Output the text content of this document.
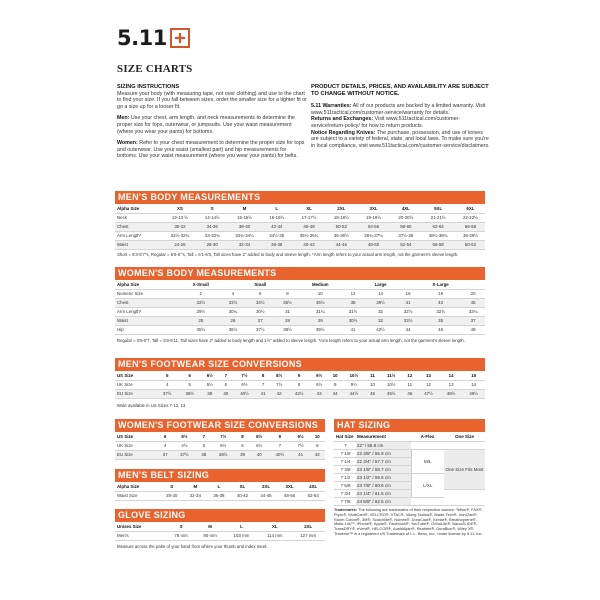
5.11
SIZE CHARTS
SIZING INSTRUCTIONS
Measure your body (with measuring tape, not over clothing) and use to the chart to find your size. If you fall between sizes, order the smaller size for a tighter fit or go a size up for a looser fit.
Men: Use your chest, arm length, and neck measurements to determine the proper size for tops, outerwear, or jumpsuits. Use your waist measurement (where you wear your pants) for bottoms.
Women: Refer to your chest measurement to determine the proper size for tops and outerwear. Use your waist (smallest part) and hip measurements for bottoms. Use your waist measurement (where you wear your pants) for belts.
PRODUCT DETAILS, PRICES, AND AVAILABILITY ARE SUBJECT TO CHANGE WITHOUT NOTICE.
5.11 Warranties: All of our products are backed by a limited warranty. Visit www.511tactical.com/customer-service/warranty for details.
Returns and Exchanges: Visit www.511tactical.com/customer-service/return-policy/ for how to return products.
Notice Regarding Knives: The purchase, possession, and use of knives are subject to a variety of federal, state, and local laws. To make sure you're in local compliance, visit www.511tactical.com/customer-service/disclaimers.
MEN'S BODY MEASUREMENTS
Alpha Size	XS	S	M	L	XL	2XL	3XL	4XL	5XL	6XL
Neck	13-13 ½	14-14½	15-15½	16-16½	17-17½	18-18½	19-19½	20-20½	21-21½	22-22½
Chest	30-32	34-36	38-40	42-44	46-48	50-52	54-56	58-60	62-64	66-68
Arm Length*	32½-32¾	33-33¾	33¾-34¼	34½-35	35¼-35¾	36-36½	36¾-37¼	37½-38	38¼-38¾	39-39½
Waist	24-26	28-30	32-34	36-38	40-42	44-46	48-50	52-54	56-58	60-62
Short = 5'3-5'7"s, Regular = 5'8-6'"s, Tall = 6'1-6'3, Tall sizes have 2" added to body and sleeve length. *Arm length refers to your actual arm length, not the garment's sleeve length.
WOMEN'S BODY MEASUREMENTS
Alpha Size	X-Small		Small		Medium		Large		X-Large	
Numeric Size	2	4	6	8	10	12	14	16	18	20
Chest	32½	33½	34½	35½	36½	38	39½	41	43	45
Arm Length*	29½	30¼	30½	31	31¼	31½	32	32½	32¾	33¼
Waist	25	26	27	28	29	30½	32	33½	35	37
Hip	35½	36½	37½	38½	39½	41	42½	44	46	48
Regular = 5'5-5'7, Tall = 5'8-5'11, Tall sizes have 2" added to body length and 1½" added to sleeve length. *Arm length refers to your actual arm length, not the garment's sleeve length.
MEN'S FOOTWEAR SIZE CONVERSIONS
US Size	5	6	6½	7	7½	8	8½	9	9½	10	10½	11	11½	12	13	14	15
UK Size	4	5	5½	6	6½	7	7½	8	8½	9	9½	10	10½	11	12	13	14
EU Size	37½	38½	39	40	40½	41	42	42½	43	44	44½	45	45½	46	47½	48½	49½
Wide available in US Sizes 7-12, 13
WOMEN'S FOOTWEAR SIZE CONVERSIONS
US Size	6	6½	7	7½	8	8½	9	9½	10
UK Size	4	4½	5	5½	6	6½	7	7½	8
EU Size	37	37½	38	38½	39	40	40½	41	42
MEN'S BELT SIZING
Alpha Size	S	M	L	XL	2XL	3XL	4XL
Waist Size	28-30	32-34	36-38	40-42	44-46	48-50	52-54
GLOVE SIZING
Unisex Size	S	M	L	XL	2XL
Men's	78 mm	90 mm	103 mm	114 mm	127 mm
Measure across the palm of your hand from where your thumb and index meet.
HAT SIZING
Hat Size	Measurement	A-Flex	One Size
7	22" / 55.8 cm		
7 1/8	22 3/8" / 56.8 cm	M/L	One Size Fits Most
7 1/4	22 3/4" / 57.7 cm		
7 3/8	23 1/8" / 58.7 cm		
7 1/2	23 1/2" / 59.6 cm	L/XL	
7 5/8	23 7/8" / 60.6 cm		
7 3/4	24 1/4" / 61.5 cm		
7 7/8	24 5/8" / 62.5 cm		
Trademarks: The following are trademarks of their respective owners: Teflon®, FAX®, Pryrn®, MultiCam®, VELCRO®, VTAC®, Viking Tactics®, Blade-Tech®, IronClad®, Storm Cotton®, 3M®, Scotchlite®, Nomex®, DuraClad®, Kevlar®, Breathoprene®, Molle-Lok™, iPhone®, Apple®, Facebook®, YouTube®, OrthoLite®, NanoGLIDE®, TransDRY®, eVent®, HELCOR®, AustriAlpin®, Realtree®, DuraBloc®, Wiley X®. Traverse™ is a registered US Trademark of L.L. Bean, Inc., under license by 5.11, Inc.
